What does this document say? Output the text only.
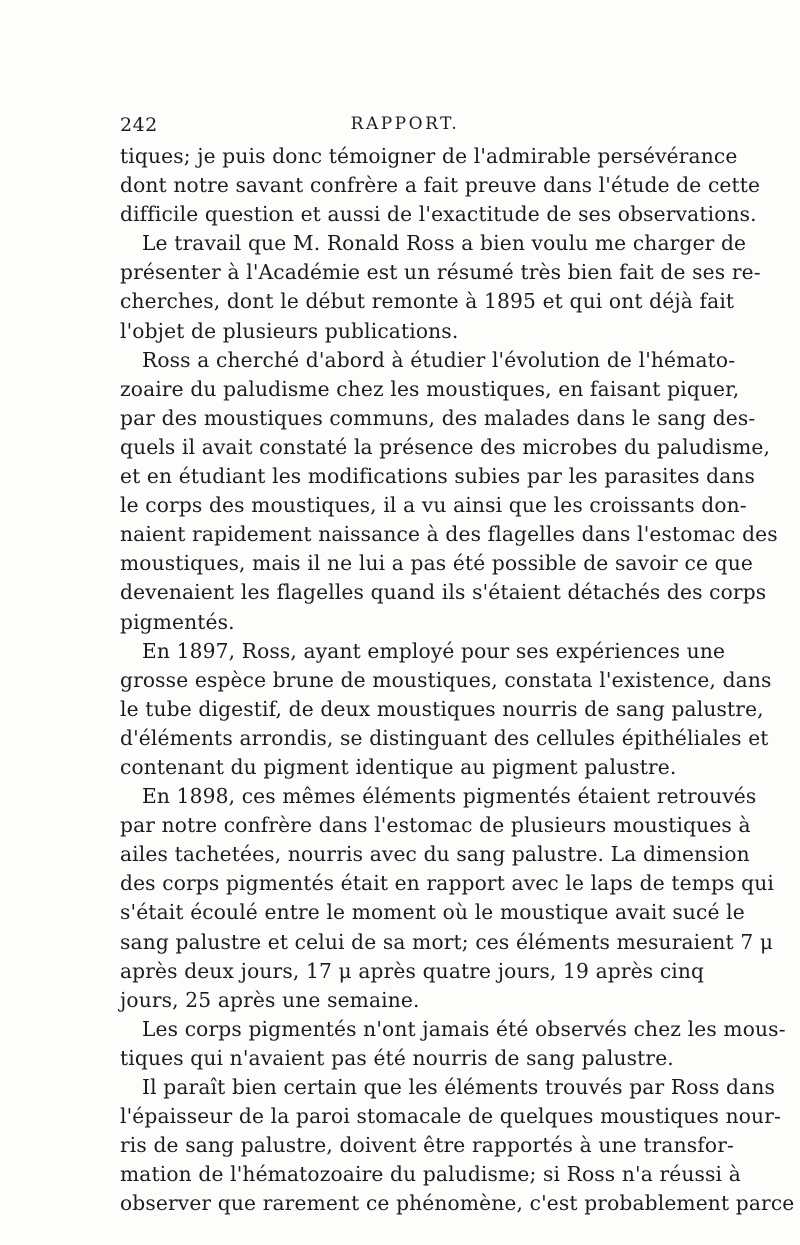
242	RAPPORT.
tiques; je puis donc témoigner de l'admirable persévérance
dont notre savant confrère a fait preuve dans l'étude de cette
difficile question et aussi de l'exactitude de ses observations.
Le travail que M. Ronald Ross a bien voulu me charger de
présenter à l'Académie est un résumé très bien fait de ses re-
cherches, dont le début remonte à 1895 et qui ont déjà fait
l'objet de plusieurs publications.
Ross a cherché d'abord à étudier l'évolution de l'hémato-
zoaire du paludisme chez les moustiques, en faisant piquer,
par des moustiques communs, des malades dans le sang des-
quels il avait constaté la présence des microbes du paludisme,
et en étudiant les modifications subies par les parasites dans
le corps des moustiques, il a vu ainsi que les croissants don-
naient rapidement naissance à des flagelles dans l'estomac des
moustiques, mais il ne lui a pas été possible de savoir ce que
devenaient les flagelles quand ils s'étaient détachés des corps
pigmentés.
En 1897, Ross, ayant employé pour ses expériences une
grosse espèce brune de moustiques, constata l'existence, dans
le tube digestif, de deux moustiques nourris de sang palustre,
d'éléments arrondis, se distinguant des cellules épithéliales et
contenant du pigment identique au pigment palustre.
En 1898, ces mêmes éléments pigmentés étaient retrouvés
par notre confrère dans l'estomac de plusieurs moustiques à
ailes tachetées, nourris avec du sang palustre. La dimension
des corps pigmentés était en rapport avec le laps de temps qui
s'était écoulé entre le moment où le moustique avait sucé le
sang palustre et celui de sa mort; ces éléments mesuraient 7 μ
après deux jours, 17 μ après quatre jours, 19 après cinq
jours, 25 après une semaine.
Les corps pigmentés n'ont jamais été observés chez les mous-
tiques qui n'avaient pas été nourris de sang palustre.
Il paraît bien certain que les éléments trouvés par Ross dans
l'épaisseur de la paroi stomacale de quelques moustiques nour-
ris de sang palustre, doivent être rapportés à une transfor-
mation de l'hématozoaire du paludisme; si Ross n'a réussi à
observer que rarement ce phénomène, c'est probablement parce
